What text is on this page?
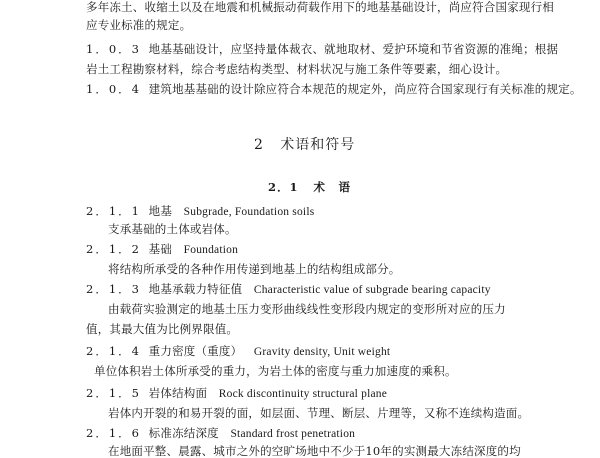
多年冻土、收缩土以及在地震和机械振动荷载作用下的地基基础设计，尚应符合国家现行相
应专业标准的规定。
1．0．3 地基基础设计，应坚持量体裁衣、就地取材、爱护环境和节省资源的准绳；根据
岩土工程勘察材料，综合考虑结构类型、材料状况与施工条件等要素，细心设计。
1．0．4 建筑地基基础的设计除应符合本规范的规定外，尚应符合国家现行有关标准的规定。
2 术语和符号
2．1 术　语
2．1．1 地基 Subgrade, Foundation soils
支承基础的土体或岩体。
2．1．2 基础 Foundation
将结构所承受的各种作用传递到地基上的结构组成部分。
2．1．3 地基承载力特征值 Characteristic value of subgrade bearing capacity
由载荷实验测定的地基土压力变形曲线线性变形段内规定的变形所对应的压力
值，其最大值为比例界限值。
2．1．4 重力密度（重度） Gravity density, Unit weight
单位体积岩土体所承受的重力，为岩土体的密度与重力加速度的乘积。
2．1．5 岩体结构面 Rock discontinuity structural plane
岩体内开裂的和易开裂的面，如层面、节理、断层、片理等，又称不连续构造面。
2．1．6 标准冻结深度 Standard frost penetration
在地面平整、晨露、城市之外的空旷场地中不少于10年的实测最大冻结深度的均
